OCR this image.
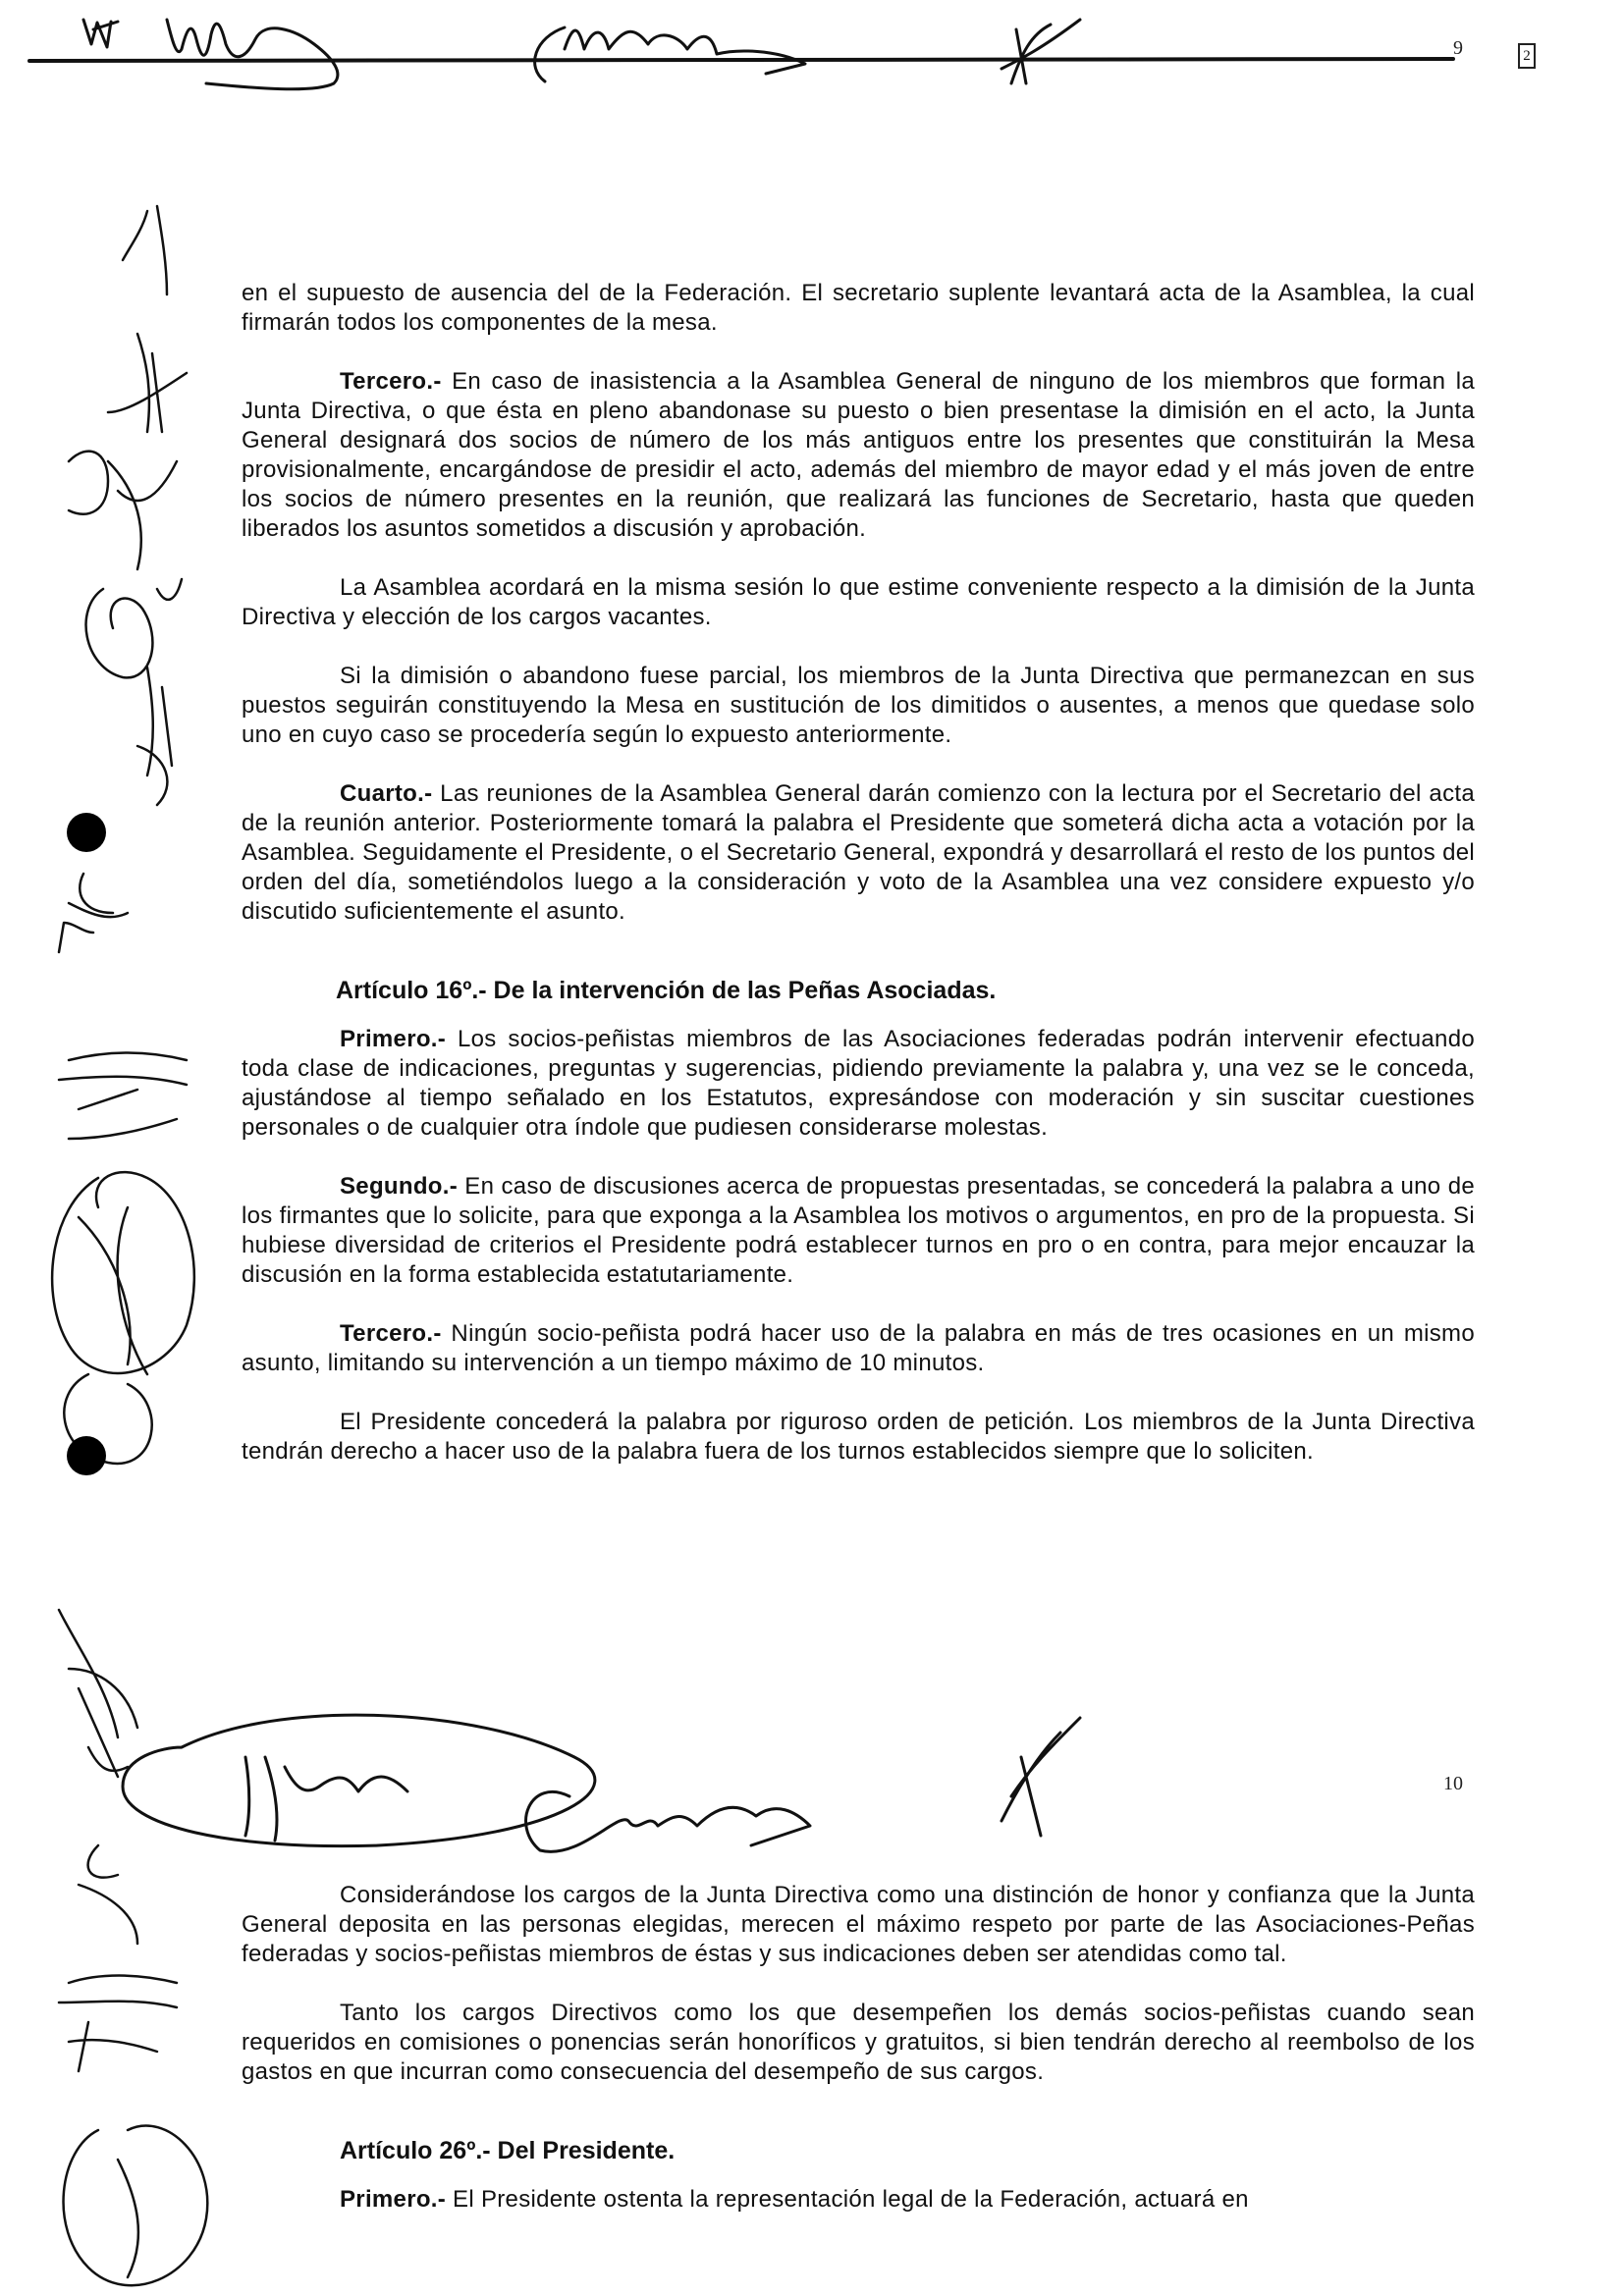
9	2
10

en el supuesto de ausencia del de la Federación. El secretario suplente levantará acta de la Asamblea, la cual firmarán todos los componentes de la mesa.

Tercero.- En caso de inasistencia a la Asamblea General de ninguno de los miembros que forman la Junta Directiva, o que ésta en pleno abandonase su puesto o bien presentase la dimisión en el acto, la Junta General designará dos socios de número de los más antiguos entre los presentes que constituirán la Mesa provisionalmente, encargándose de presidir el acto, además del miembro de mayor edad y el más joven de entre los socios de número presentes en la reunión, que realizará las funciones de Secretario, hasta que queden liberados los asuntos sometidos a discusión y aprobación.

La Asamblea acordará en la misma sesión lo que estime conveniente respecto a la dimisión de la Junta Directiva y elección de los cargos vacantes.

Si la dimisión o abandono fuese parcial, los miembros de la Junta Directiva que permanezcan en sus puestos seguirán constituyendo la Mesa en sustitución de los dimitidos o ausentes, a menos que quedase solo uno en cuyo caso se procedería según lo expuesto anteriormente.

Cuarto.- Las reuniones de la Asamblea General darán comienzo con la lectura por el Secretario del acta de la reunión anterior. Posteriormente tomará la palabra el Presidente que someterá dicha acta a votación por la Asamblea. Seguidamente el Presidente, o el Secretario General, expondrá y desarrollará el resto de los puntos del orden del día, sometiéndolos luego a la consideración y voto de la Asamblea una vez considere expuesto y/o discutido suficientemente el asunto.

Artículo 16º.- De la intervención de las Peñas Asociadas.

Primero.- Los socios-peñistas miembros de las Asociaciones federadas podrán intervenir efectuando toda clase de indicaciones, preguntas y sugerencias, pidiendo previamente la palabra y, una vez se le conceda, ajustándose al tiempo señalado en los Estatutos, expresándose con moderación y sin suscitar cuestiones personales o de cualquier otra índole que pudiesen considerarse molestas.

Segundo.- En caso de discusiones acerca de propuestas presentadas, se concederá la palabra a uno de los firmantes que lo solicite, para que exponga a la Asamblea los motivos o argumentos, en pro de la propuesta. Si hubiese diversidad de criterios el Presidente podrá establecer turnos en pro o en contra, para mejor encauzar la discusión en la forma establecida estatutariamente.

Tercero.- Ningún socio-peñista podrá hacer uso de la palabra en más de tres ocasiones en un mismo asunto, limitando su intervención a un tiempo máximo de 10 minutos.

El Presidente concederá la palabra por riguroso orden de petición. Los miembros de la Junta Directiva tendrán derecho a hacer uso de la palabra fuera de los turnos establecidos siempre que lo soliciten.

Considerándose los cargos de la Junta Directiva como una distinción de honor y confianza que la Junta General deposita en las personas elegidas, merecen el máximo respeto por parte de las Asociaciones-Peñas federadas y socios-peñistas miembros de éstas y sus indicaciones deben ser atendidas como tal.

Tanto los cargos Directivos como los que desempeñen los demás socios-peñistas cuando sean requeridos en comisiones o ponencias serán honoríficos y gratuitos, si bien tendrán derecho al reembolso de los gastos en que incurran como consecuencia del desempeño de sus cargos.

Artículo 26º.- Del Presidente.

Primero.- El Presidente ostenta la representación legal de la Federación, actuará en
